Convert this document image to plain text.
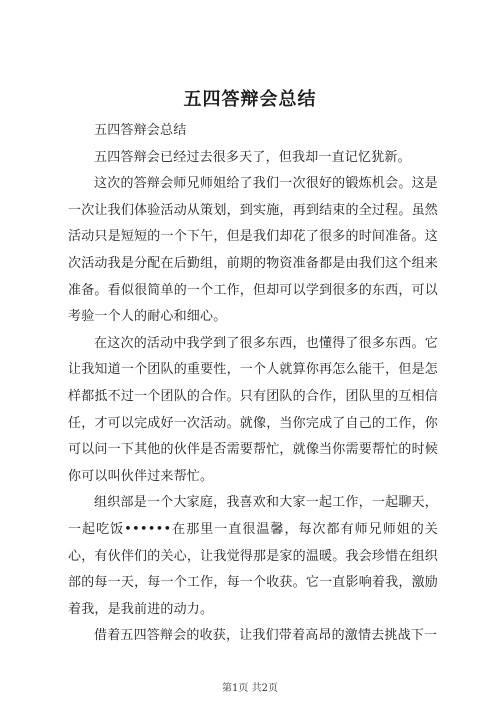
五四答辩会总结

五四答辩会总结

五四答辩会已经过去很多天了，但我却一直记忆犹新。

这次的答辩会师兄师姐给了我们一次很好的锻炼机会。这是一次让我们体验活动从策划，到实施，再到结束的全过程。虽然活动只是短短的一个下午，但是我们却花了很多的时间准备。这次活动我是分配在后勤组，前期的物资准备都是由我们这个组来准备。看似很简单的一个工作，但却可以学到很多的东西，可以考验一个人的耐心和细心。

在这次的活动中我学到了很多东西，也懂得了很多东西。它让我知道一个团队的重要性，一个人就算你再怎么能干，但是怎样都抵不过一个团队的合作。只有团队的合作，团队里的互相信任，才可以完成好一次活动。就像，当你完成了自己的工作，你可以问一下其他的伙伴是否需要帮忙，就像当你需要帮忙的时候你可以叫伙伴过来帮忙。

组织部是一个大家庭，我喜欢和大家一起工作，一起聊天，一起吃饭••••••在那里一直很温馨，每次都有师兄师姐的关心，有伙伴们的关心，让我觉得那是家的温暖。我会珍惜在组织部的每一天，每一个工作，每一个收获。它一直影响着我，激励着我，是我前进的动力。

借着五四答辩会的收获，让我们带着高昂的激情去挑战下一

第1页 共2页
